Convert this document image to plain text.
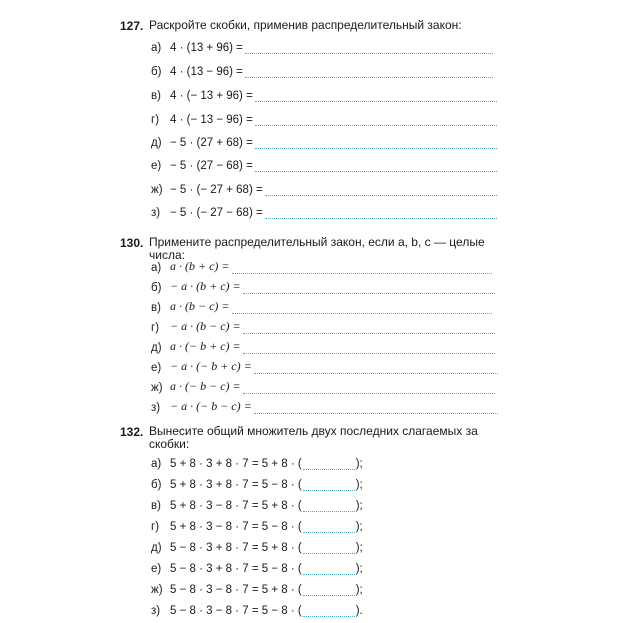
127. Раскройте скобки, применив распределительный закон:
а) 4 · (13 + 96) =
б) 4 · (13 − 96) =
в) 4 · (− 13 + 96) =
г) 4 · (− 13 − 96) =
д) − 5 · (27 + 68) =
е) − 5 · (27 − 68) =
ж) − 5 · (− 27 + 68) =
з) − 5 · (− 27 − 68) =
130. Примените распределительный закон, если a, b, c — целые числа:
а) a · (b + c) =
б) − a · (b + c) =
в) a · (b − c) =
г) − a · (b − c) =
д) a · (− b + c) =
е) − a · (− b + c) =
ж) a · (− b − c) =
з) − a · (− b − c) =
132. Вынесите общий множитель двух последних слагаемых за скобки:
а) 5 + 8 · 3 + 8 · 7 = 5 + 8 · (	);
б) 5 + 8 · 3 + 8 · 7 = 5 − 8 · (	);
в) 5 + 8 · 3 − 8 · 7 = 5 + 8 · (	);
г) 5 + 8 · 3 − 8 · 7 = 5 − 8 · (	);
д) 5 − 8 · 3 + 8 · 7 = 5 + 8 · (	);
е) 5 − 8 · 3 + 8 · 7 = 5 − 8 · (	);
ж) 5 − 8 · 3 − 8 · 7 = 5 + 8 · (	);
з) 5 − 8 · 3 − 8 · 7 = 5 − 8 · (	).
